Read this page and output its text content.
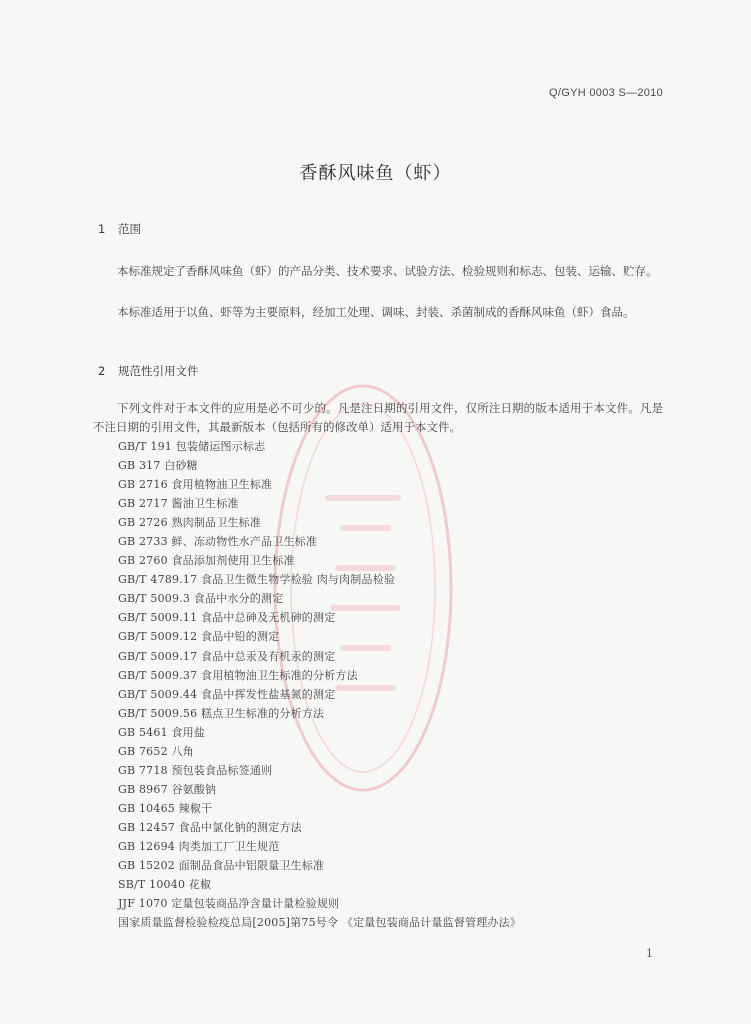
Q/GYH 0003 S—2010
香酥风味鱼（虾）
1 范围
本标准规定了香酥风味鱼（虾）的产品分类、技术要求、试验方法、检验规则和标志、包装、运输、贮存。
本标准适用于以鱼、虾等为主要原料，经加工处理、调味、封装、杀菌制成的香酥风味鱼（虾）食品。
2 规范性引用文件
下列文件对于本文件的应用是必不可少的。凡是注日期的引用文件，仅所注日期的版本适用于本文件。凡是不注日期的引用文件，其最新版本（包括所有的修改单）适用于本文件。
GB/T 191 包装储运图示标志
GB 317 白砂糖
GB 2716 食用植物油卫生标准
GB 2717 酱油卫生标准
GB 2726 熟肉制品卫生标准
GB 2733 鲜、冻动物性水产品卫生标准
GB 2760 食品添加剂使用卫生标准
GB/T 4789.17 食品卫生微生物学检验 肉与肉制品检验
GB/T 5009.3 食品中水分的测定
GB/T 5009.11 食品中总砷及无机砷的测定
GB/T 5009.12 食品中铅的测定
GB/T 5009.17 食品中总汞及有机汞的测定
GB/T 5009.37 食用植物油卫生标准的分析方法
GB/T 5009.44 食品中挥发性盐基氮的测定
GB/T 5009.56 糕点卫生标准的分析方法
GB 5461 食用盐
GB 7652 八角
GB 7718 预包装食品标签通则
GB 8967 谷氨酸钠
GB 10465 辣椒干
GB 12457 食品中氯化钠的测定方法
GB 12694 肉类加工厂卫生规范
GB 15202 面制品食品中铝限量卫生标准
SB/T 10040 花椒
JJF 1070 定量包装商品净含量计量检验规则
国家质量监督检验检疫总局[2005]第75号令 《定量包装商品计量监督管理办法》
1
